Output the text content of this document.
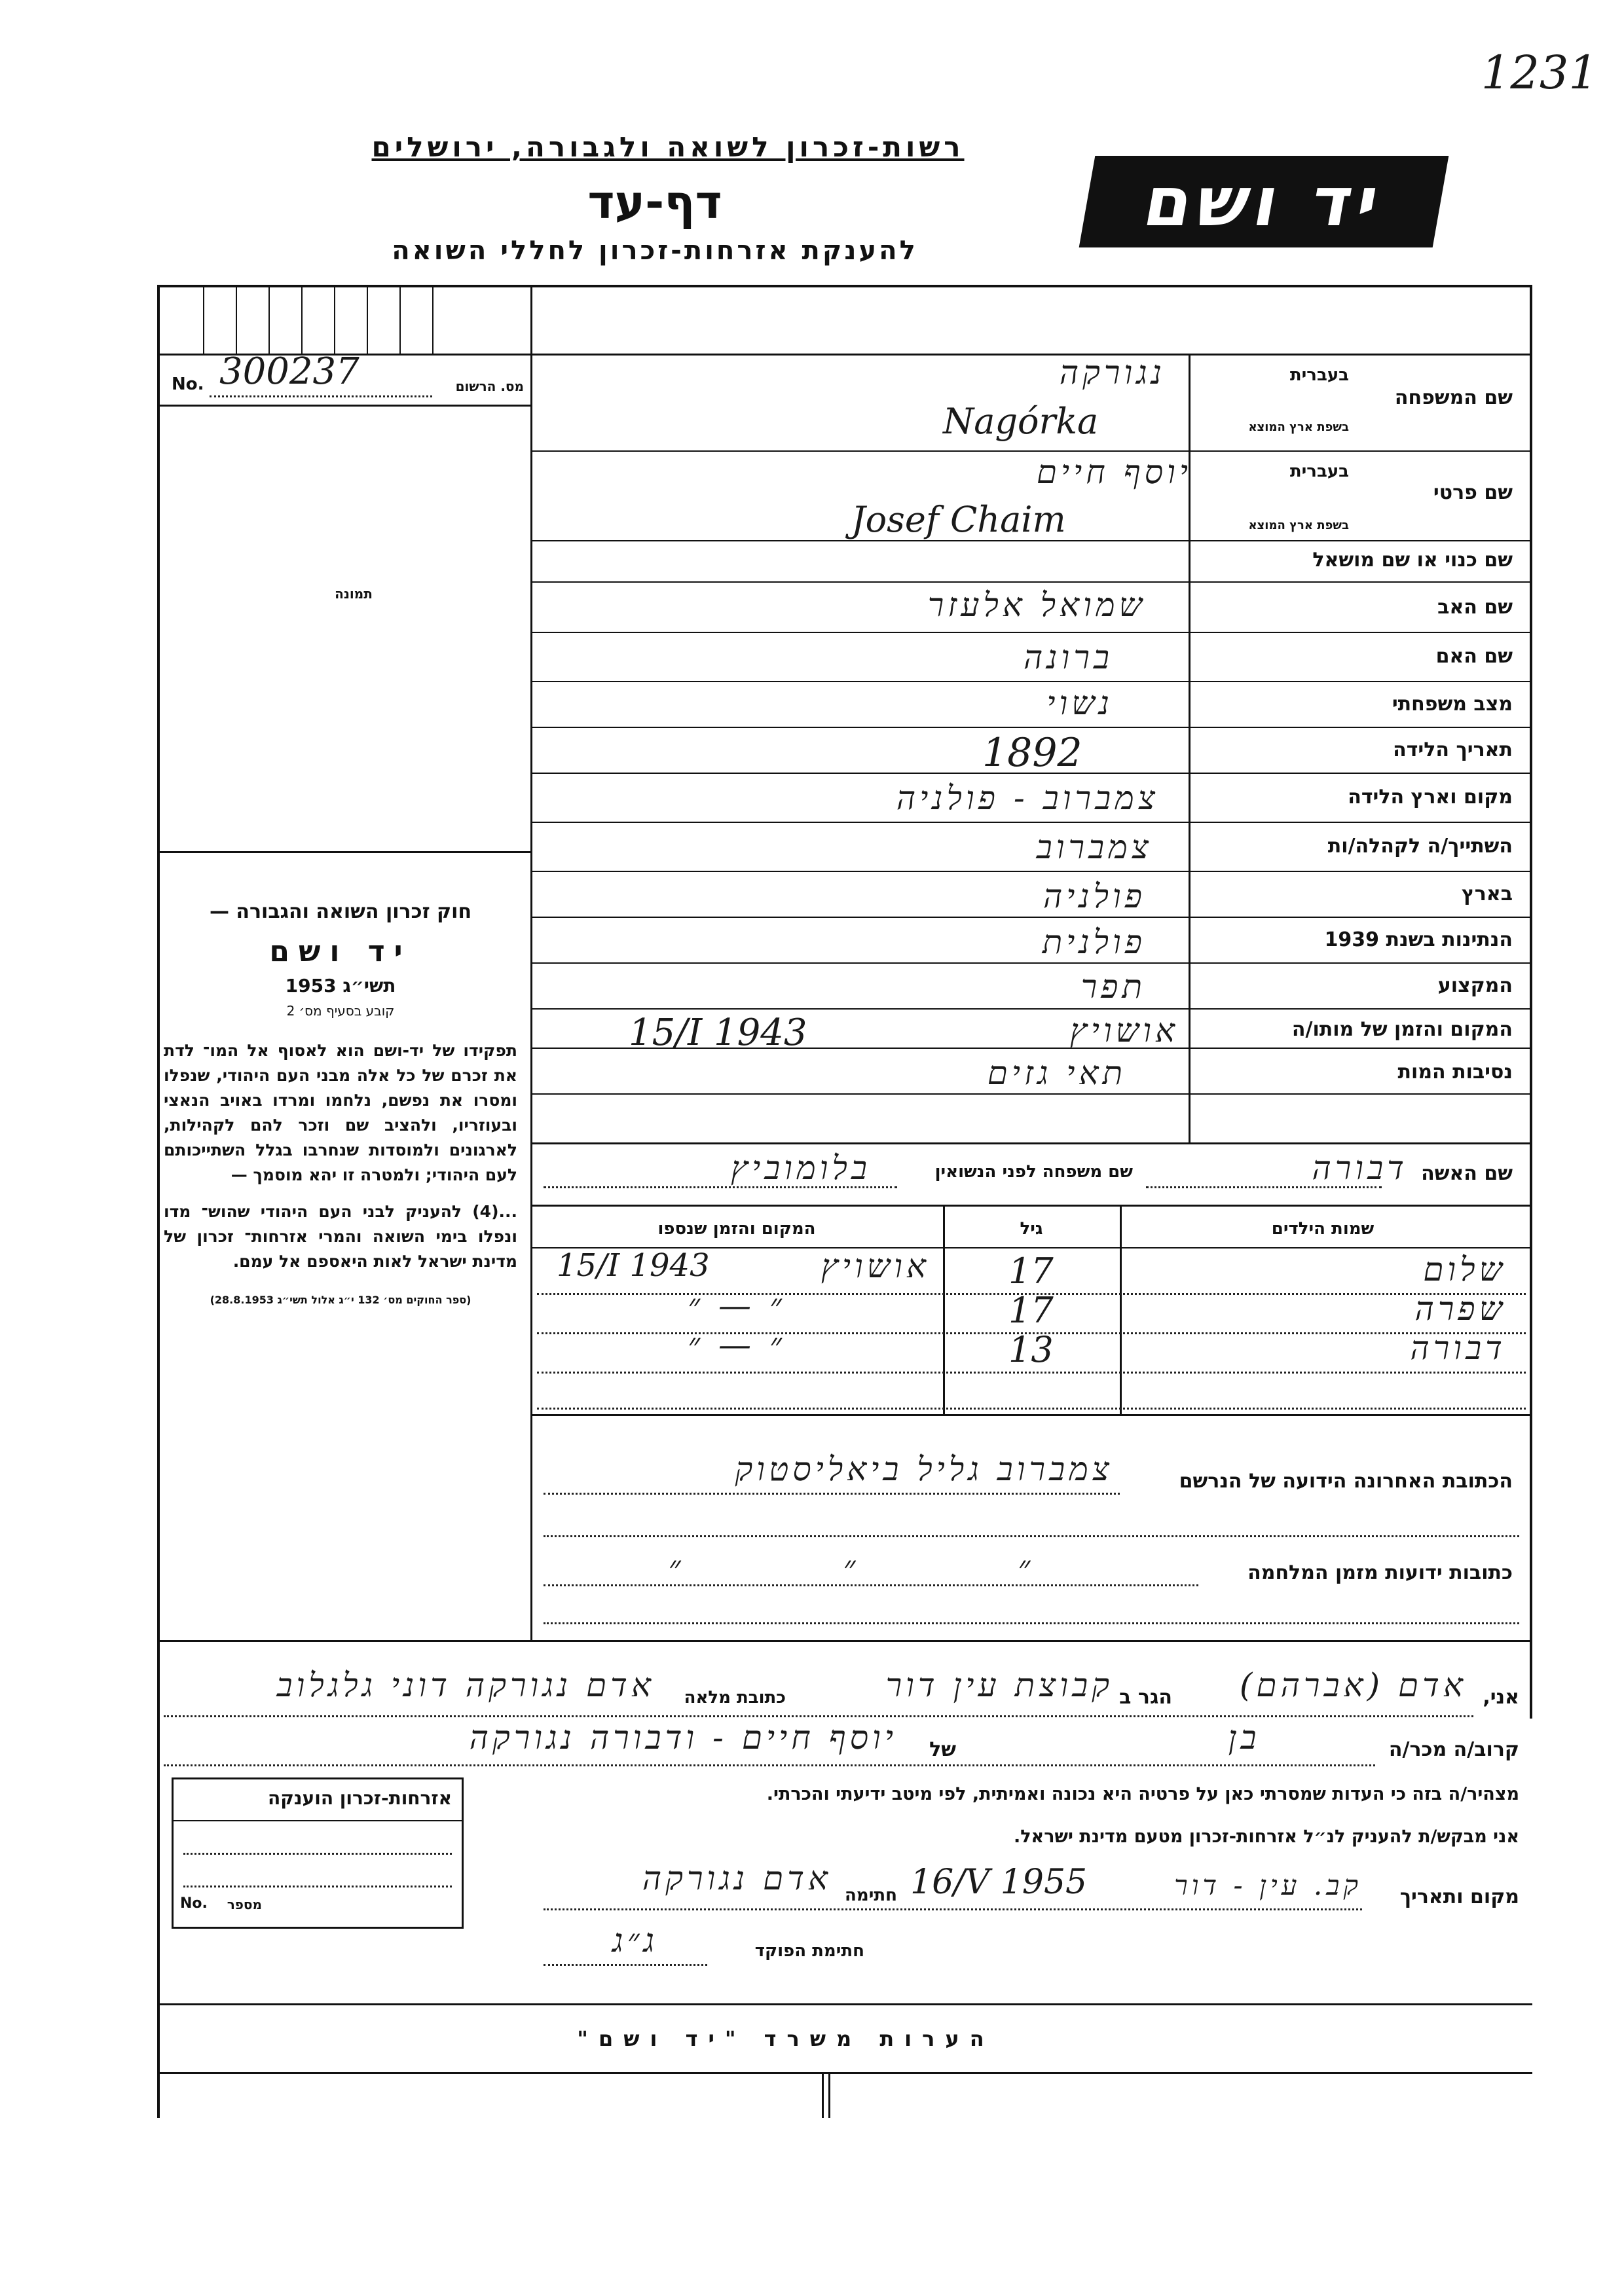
1231
רשות-זכרון לשואה ולגבורה, ירושלים
דף-עד
להענקת אזרחות-זכרון לחללי השואה
יד ושם
No. 300237	מס. הרשום
תמונה
חוק זכרון השואה והגבורה —
יד ושם
תשי״ג 1953
קובע בסעיף מס׳ 2
תפקידו של יד-ושם הוא לאסוף אל המו־ לדת את זכרם של כל אלה מבני העם היהודי, שנפלו ומסרו את נפשם, נלחמו ומרדו באויב הנאצי ובעוזריו, ולהציב שם וזכר להם לקהילות, לארגונים ולמוסדות שנחרבו בגלל השתייכותם לעם היהודי; ולמטרה זו יהא מוסמך —
...(4) להעניק לבני העם היהודי שהוש־ מדו ונפלו בימי השואה והמרי אזרחות־ זכרון של מדינת ישראל לאות היאספם אל עמם.
(ספר החוקים מס׳ 132 י״ג אלול תשי״ג 28.8.1953)
שם המשפחה
בעברית
בשפת ארץ המוצא
נגורקה
Nagórka
שם פרטי
בעברית
בשפת ארץ המוצא
יוסף חיים
Josef Chaim
שם כנוי או שם מושאל
שם האב
שמואל אלעזר
שם האם
ברונה
מצב משפחתי
נשוי
תאריך הלידה
1892
מקום וארץ הלידה
צמברוב - פולניה
השתייך/ה לקהלה/ות
צמברוב
בארץ
פולניה
הנתינות בשנת 1939
פולנית
המקצוע
תפר
המקום והזמן של מותו/ה
אושויץ
15/I 1943
נסיבות המות
תאי גזים
שם האשה
דבורה
שם משפחה לפני הנשואין
בלומוביץ
שמות הילדים
גיל
המקום והזמן שנספו
שלום
17
אושויץ
15/I 1943
שפרה
17
״ — ״
דבורה
13
״ — ״
הכתובת האחרונה הידועה של הנרשם
צמברוב גליל ביאליסטוק
כתובות ידועות מזמן המלחמה
״ ״ ״
אני,
אדם (אברהם)
הגר ב
קבוצת עין דור
כתובת מלאה
אדם נגורקה דוני גלגלוב
קרוב/ה מכר/ה
בן
של
יוסף חיים - ודבורה נגורקה
מצהיר/ה בזה כי העדות שמסרתי כאן על פרטיה היא נכונה ואמיתית, לפי מיטב ידיעתי והכרתי.
אני מבקש/ת להעניק לנ״ל אזרחות-זכרון מטעם מדינת ישראל.
מקום ותאריך
קב. עין - דור
16/V 1955
חתימה
אדם נגורקה
חתימת הפוקד
ג״ג
אזרחות-זכרון הוענקה
No.	מספר
הערות משרד "יד ושם"
